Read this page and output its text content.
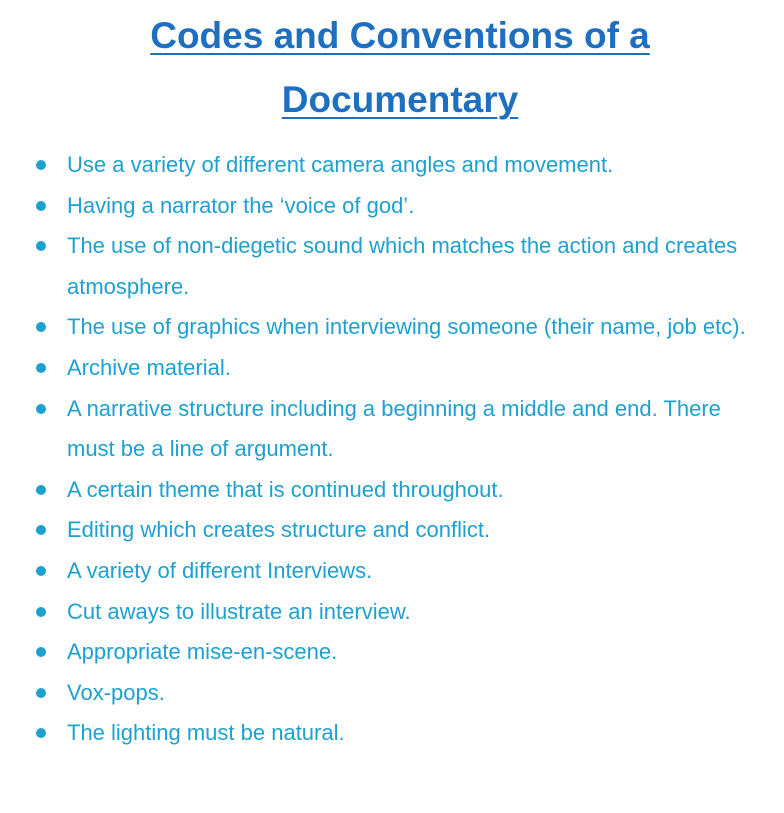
Codes and Conventions of a
Documentary
Use a variety of different camera angles and movement.
Having a narrator the ‘voice of god’.
The use of non-diegetic sound which matches the action and creates atmosphere.
The use of graphics when interviewing someone (their name, job etc).
Archive material.
A narrative structure including a beginning a middle and end. There must be a line of argument.
A certain theme that is continued throughout.
Editing which creates structure and conflict.
A variety of different Interviews.
Cut aways to illustrate an interview.
Appropriate mise-en-scene.
Vox-pops.
The lighting must be natural.
